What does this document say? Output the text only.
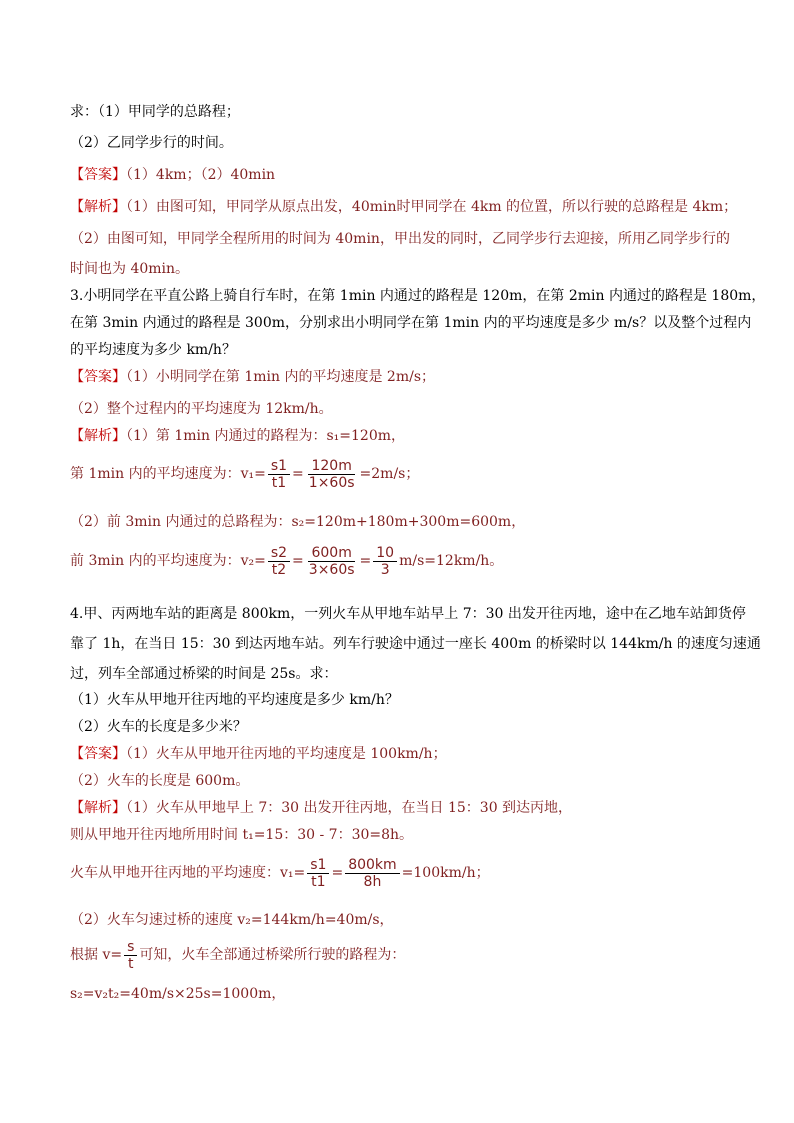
求：（1）甲同学的总路程；
（2）乙同学步行的时间。
【答案】（1）4km；（2）40min
【解析】（1）由图可知，甲同学从原点出发，40min时甲同学在 4km 的位置，所以行驶的总路程是 4km；
（2）由图可知，甲同学全程所用的时间为 40min，甲出发的同时，乙同学步行去迎接，所用乙同学步行的
时间也为 40min。
3.小明同学在平直公路上骑自行车时，在第 1min 内通过的路程是 120m，在第 2min 内通过的路程是 180m，
在第 3min 内通过的路程是 300m，分别求出小明同学在第 1min 内的平均速度是多少 m/s？以及整个过程内
的平均速度为多少 km/h？
【答案】（1）小明同学在第 1min 内的平均速度是 2m/s；
（2）整个过程内的平均速度为 12km/h。
【解析】（1）第 1min 内通过的路程为：s₁=120m，
第 1min 内的平均速度为：$v_1= \frac{s1}{t1} = \frac{120m}{1\times 60s} =2m/s$；
（2）前 3min 内通过的总路程为：s₂=120m+180m+300m=600m，
前 3min 内的平均速度为：$v_2= \frac{s2}{t2} = \frac{600m}{3\times 60s} = \frac{10}{3} m/s=12km/h$。
4.甲、丙两地车站的距离是 800km，一列火车从甲地车站早上 7：30 出发开往丙地，途中在乙地车站卸货停
靠了 1h，在当日 15：30 到达丙地车站。列车行驶途中通过一座长 400m 的桥梁时以 144km/h 的速度匀速通
过，列车全部通过桥梁的时间是 25s。求：
（1）火车从甲地开往丙地的平均速度是多少 km/h？
（2）火车的长度是多少米？
【答案】（1）火车从甲地开往丙地的平均速度是 100km/h；
（2）火车的长度是 600m。
【解析】（1）火车从甲地早上 7：30 出发开往丙地，在当日 15：30 到达丙地，
则从甲地开往丙地所用时间 t₁=15：30 - 7：30=8h。
火车从甲地开往丙地的平均速度：$v_1= \frac{s1}{t1} = \frac{800km}{8h} =100km/h$；
（2）火车匀速过桥的速度 v₂=144km/h=40m/s，
根据 $v= \frac{s}{t}$ 可知，火车全部通过桥梁所行驶的路程为：
s₂=v₂t₂=40m/s×25s=1000m，
